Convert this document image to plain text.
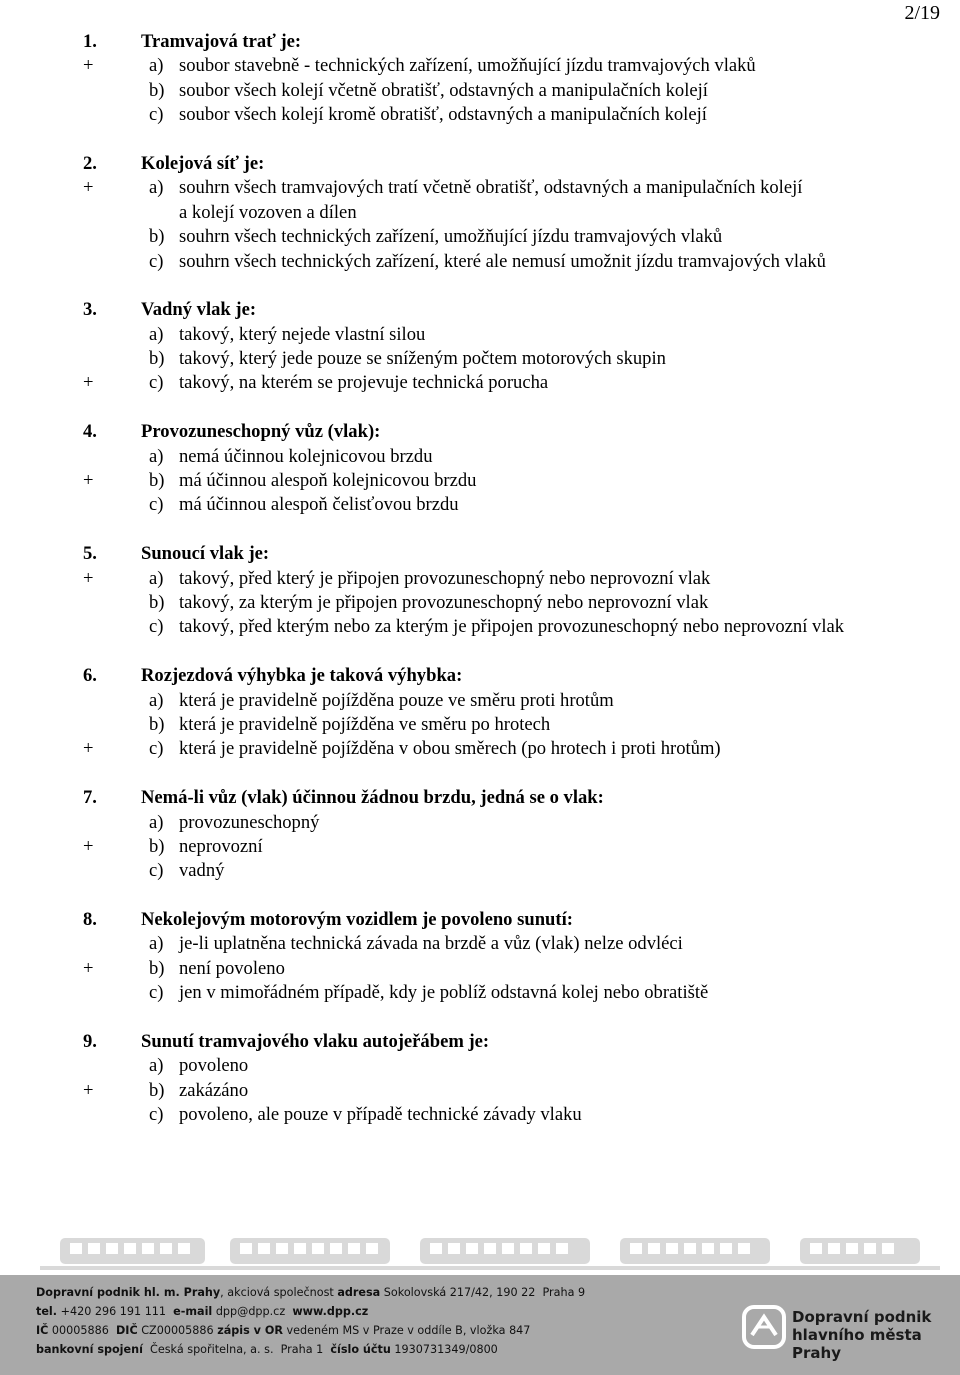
2/19
1. Tramvajová trať je:
+	a) soubor stavebně - technických zařízení, umožňující jízdu tramvajových vlaků
b) soubor všech kolejí včetně obratišť, odstavných a manipulačních kolejí
c) soubor všech kolejí kromě obratišť, odstavných a manipulačních kolejí
2. Kolejová síť je:
+	a) souhrn všech tramvajových tratí včetně obratišť, odstavných a manipulačních kolejí
a kolejí vozoven a dílen
b) souhrn všech technických zařízení, umožňující jízdu tramvajových vlaků
c) souhrn všech technických zařízení, které ale nemusí umožnit jízdu tramvajových vlaků
3. Vadný vlak je:
a) takový, který nejede vlastní silou
b) takový, který jede pouze se sníženým počtem motorových skupin
+	c) takový, na kterém se projevuje technická porucha
4. Provozuneschopný vůz (vlak):
a) nemá účinnou kolejnicovou brzdu
+	b) má účinnou alespoň kolejnicovou brzdu
c) má účinnou alespoň čelisťovou brzdu
5. Sunoucí vlak je:
+	a) takový, před který je připojen provozuneschopný nebo neprovozní vlak
b) takový, za kterým je připojen provozuneschopný nebo neprovozní vlak
c) takový, před kterým nebo za kterým je připojen provozuneschopný nebo neprovozní vlak
6. Rozjezdová výhybka je taková výhybka:
a) která je pravidelně pojížděna pouze ve směru proti hrotům
b) která je pravidelně pojížděna ve směru po hrotech
+	c) která je pravidelně pojížděna v obou směrech (po hrotech i proti hrotům)
7. Nemá-li vůz (vlak) účinnou žádnou brzdu, jedná se o vlak:
a) provozuneschopný
+	b) neprovozní
c) vadný
8. Nekolejovým motorovým vozidlem je povoleno sunutí:
a) je-li uplatněna technická závada na brzdě a vůz (vlak) nelze odvléci
+	b) není povoleno
c) jen v mimořádném případě, kdy je poblíž odstavná kolej nebo obratiště
9. Sunutí tramvajového vlaku autojeřábem je:
a) povoleno
+	b) zakázáno
c) povoleno, ale pouze v případě technické závady vlaku
Dopravní podnik hl. m. Prahy, akciová společnost adresa Sokolovská 217/42, 190 22  Praha 9
tel. +420 296 191 111  e-mail dpp@dpp.cz  www.dpp.cz
IČ 00005886  DIČ CZ00005886 zápis v OR vedeném MS v Praze v oddíle B, vložka 847
bankovní spojení  Česká spořitelna, a. s.  Praha 1  číslo účtu 1930731349/0800
Dopravní podnik
hlavního města Prahy
